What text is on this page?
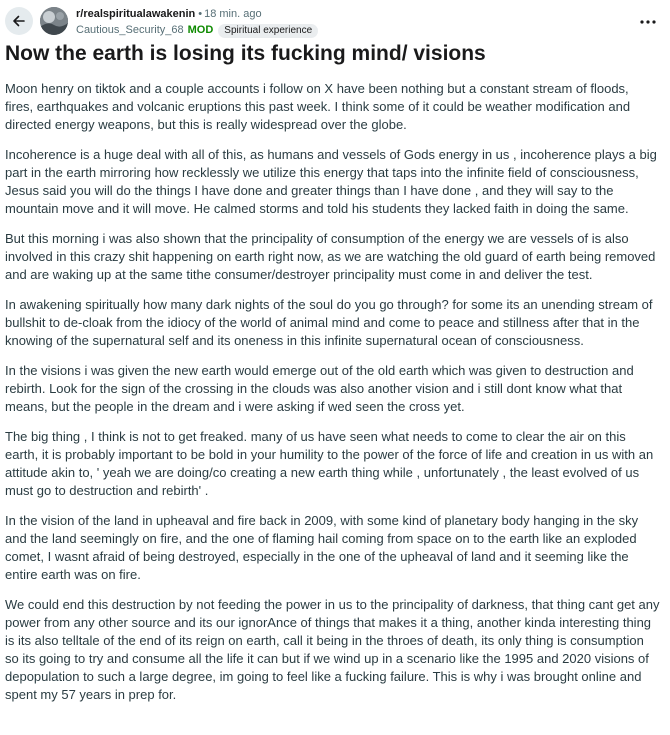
r/realspiritualawakenin • 18 min. ago
Cautious_Security_68 MOD	Spiritual experience
Now the earth is losing its fucking mind/ visions

Moon henry on tiktok and a couple accounts i follow on X have been nothing but a constant stream of floods, fires, earthquakes and volcanic eruptions this past week. I think some of it could be weather modification and directed energy weapons, but this is really widespread over the globe.

Incoherence is a huge deal with all of this, as humans and vessels of Gods energy in us , incoherence plays a big part in the earth mirroring how recklessly we utilize this energy that taps into the infinite field of consciousness, Jesus said you will do the things I have done and greater things than I have done , and they will say to the mountain move and it will move. He calmed storms and told his students they lacked faith in doing the same.

But this morning i was also shown that the principality of consumption of the energy we are vessels of is also involved in this crazy shit happening on earth right now, as we are watching the old guard of earth being removed and are waking up at the same tithe consumer/destroyer principality must come in and deliver the test.

In awakening spiritually how many dark nights of the soul do you go through? for some its an unending stream of bullshit to de-cloak from the idiocy of the world of animal mind and come to peace and stillness after that in the knowing of the supernatural self and its oneness in this infinite supernatural ocean of consciousness.

In the visions i was given the new earth would emerge out of the old earth which was given to destruction and rebirth. Look for the sign of the crossing in the clouds was also another vision and i still dont know what that means, but the people in the dream and i were asking if wed seen the cross yet.

The big thing , I think is not to get freaked. many of us have seen what needs to come to clear the air on this earth, it is probably important to be bold in your humility to the power of the force of life and creation in us with an attitude akin to, ' yeah we are doing/co creating a new earth thing while , unfortunately , the least evolved of us must go to destruction and rebirth' .

In the vision of the land in upheaval and fire back in 2009, with some kind of planetary body hanging in the sky and the land seemingly on fire, and the one of flaming hail coming from space on to the earth like an exploded comet, I wasnt afraid of being destroyed, especially in the one of the upheaval of land and it seeming like the entire earth was on fire.

We could end this destruction by not feeding the power in us to the principality of darkness, that thing cant get any power from any other source and its our ignorAnce of things that makes it a thing, another kinda interesting thing is its also telltale of the end of its reign on earth, call it being in the throes of death, its only thing is consumption so its going to try and consume all the life it can but if we wind up in a scenario like the 1995 and 2020 visions of depopulation to such a large degree, im going to feel like a fucking failure. This is why i was brought online and spent my 57 years in prep for.
